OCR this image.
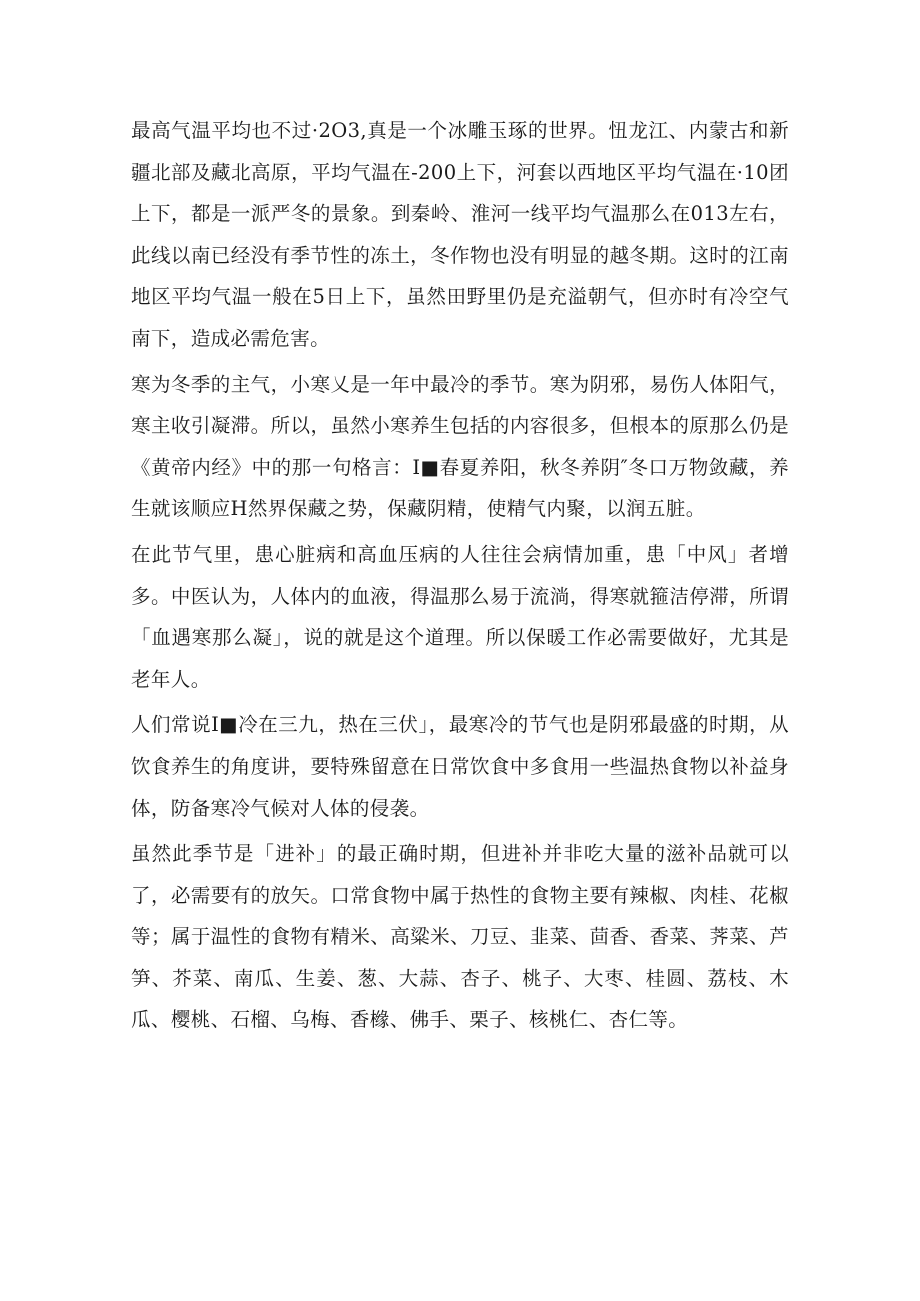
最高气温平均也不过·2O3,真是一个冰雕玉琢的世界。忸龙江、内蒙古和新疆北部及藏北高原，平均气温在-200上下，河套以西地区平均气温在·10团上下，都是一派严冬的景象。到秦岭、淮河一线平均气温那么在013左右，此线以南已经没有季节性的冻土，冬作物也没有明显的越冬期。这时的江南地区平均气温一般在5日上下，虽然田野里仍是充溢朝气，但亦时有冷空气南下，造成必需危害。

寒为冬季的主气，小寒乂是一年中最冷的季节。寒为阴邪，易伤人体阳气，寒主收引凝滞。所以，虽然小寒养生包括的内容很多，但根本的原那么仍是《黄帝内经》中的那一句格言：I■春夏养阳，秋冬养阴″冬口万物敛藏，养生就该顺应H然界保藏之势，保藏阴精，使精气内聚，以润五脏。

在此节气里，患心脏病和高血压病的人往往会病情加重，患「中风」者增多。中医认为，人体内的血液，得温那么易于流淌，得寒就箍洁停滞，所谓「血遇寒那么凝」，说的就是这个道理。所以保暖工作必需要做好，尤其是老年人。

人们常说I■冷在三九，热在三伏」，最寒冷的节气也是阴邪最盛的时期，从饮食养生的角度讲，要特殊留意在日常饮食中多食用一些温热食物以补益身体，防备寒冷气候对人体的侵袭。

虽然此季节是「进补」的最正确时期，但进补并非吃大量的滋补品就可以了，必需要有的放矢。口常食物中属于热性的食物主要有辣椒、肉桂、花椒等；属于温性的食物有精米、高粱米、刀豆、韭菜、茴香、香菜、荠菜、芦笋、芥菜、南瓜、生姜、葱、大蒜、杏子、桃子、大枣、桂圆、荔枝、木瓜、樱桃、石榴、乌梅、香橼、佛手、栗子、核桃仁、杏仁等。
